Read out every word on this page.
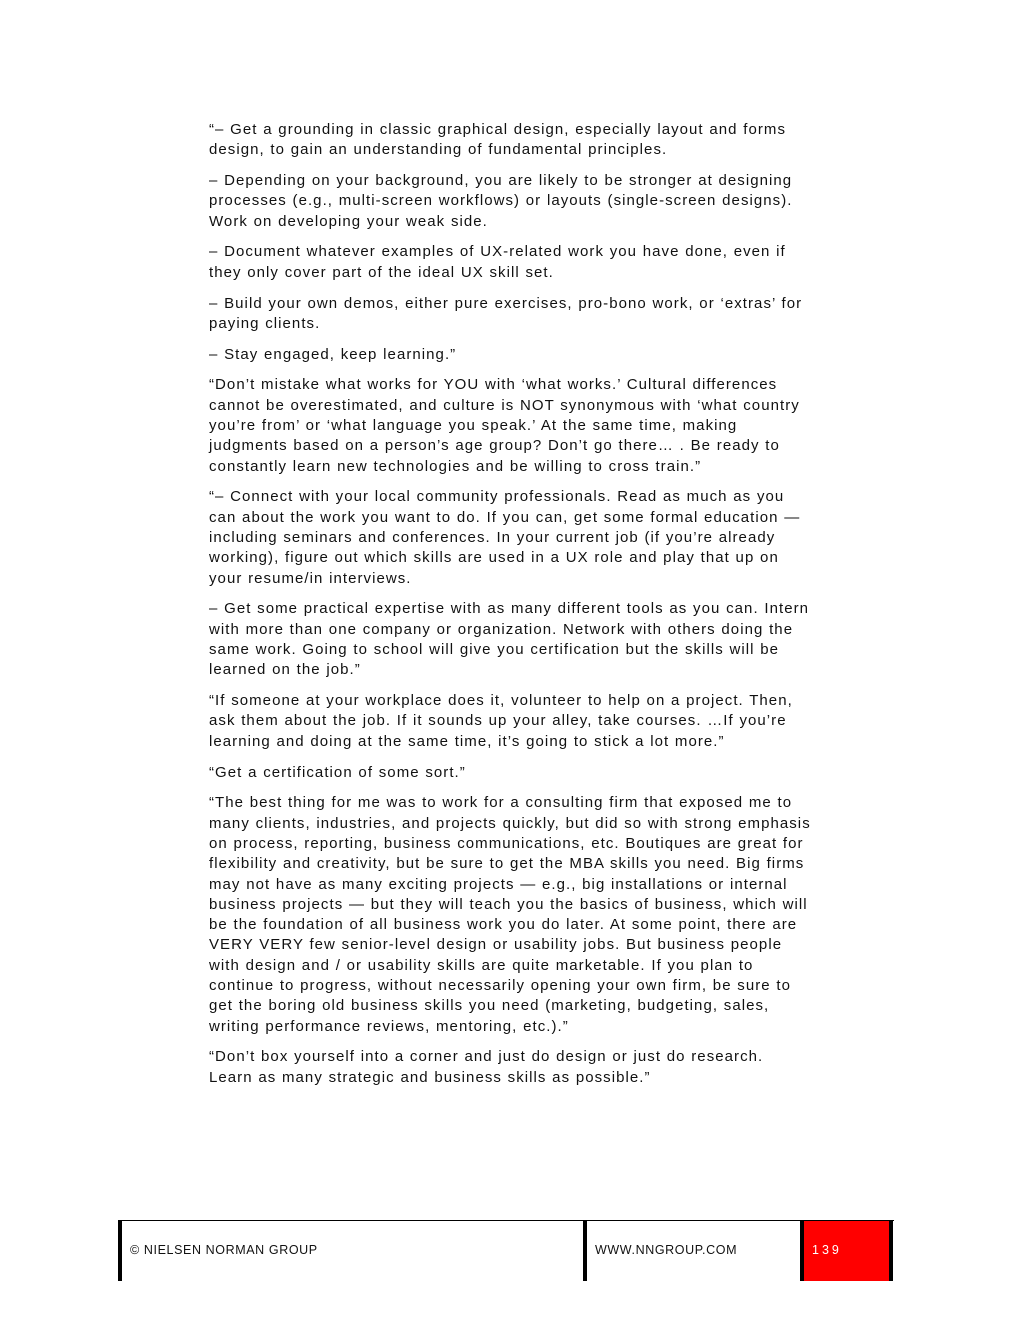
“– Get a grounding in classic graphical design, especially layout and forms design, to gain an understanding of fundamental principles.

– Depending on your background, you are likely to be stronger at designing processes (e.g., multi-screen workflows) or layouts (single-screen designs). Work on developing your weak side.

– Document whatever examples of UX-related work you have done, even if they only cover part of the ideal UX skill set.

– Build your own demos, either pure exercises, pro-bono work, or ‘extras’ for paying clients.

– Stay engaged, keep learning.”

“Don’t mistake what works for YOU with ‘what works.’ Cultural differences cannot be overestimated, and culture is NOT synonymous with ‘what country you’re from’ or ‘what language you speak.’ At the same time, making judgments based on a person’s age group? Don’t go there… . Be ready to constantly learn new technologies and be willing to cross train.”

“– Connect with your local community professionals. Read as much as you can about the work you want to do. If you can, get some formal education — including seminars and conferences. In your current job (if you’re already working), figure out which skills are used in a UX role and play that up on your resume/in interviews.

– Get some practical expertise with as many different tools as you can. Intern with more than one company or organization. Network with others doing the same work. Going to school will give you certification but the skills will be learned on the job.”

“If someone at your workplace does it, volunteer to help on a project. Then, ask them about the job. If it sounds up your alley, take courses. …If you’re learning and doing at the same time, it’s going to stick a lot more.”

“Get a certification of some sort.”

“The best thing for me was to work for a consulting firm that exposed me to many clients, industries, and projects quickly, but did so with strong emphasis on process, reporting, business communications, etc. Boutiques are great for flexibility and creativity, but be sure to get the MBA skills you need. Big firms may not have as many exciting projects — e.g., big installations or internal business projects — but they will teach you the basics of business, which will be the foundation of all business work you do later. At some point, there are VERY VERY few senior-level design or usability jobs. But business people with design and / or usability skills are quite marketable. If you plan to continue to progress, without necessarily opening your own firm, be sure to get the boring old business skills you need (marketing, budgeting, sales, writing performance reviews, mentoring, etc.).”

“Don’t box yourself into a corner and just do design or just do research. Learn as many strategic and business skills as possible.”

© NIELSEN NORMAN GROUP	WWW.NNGROUP.COM	139
